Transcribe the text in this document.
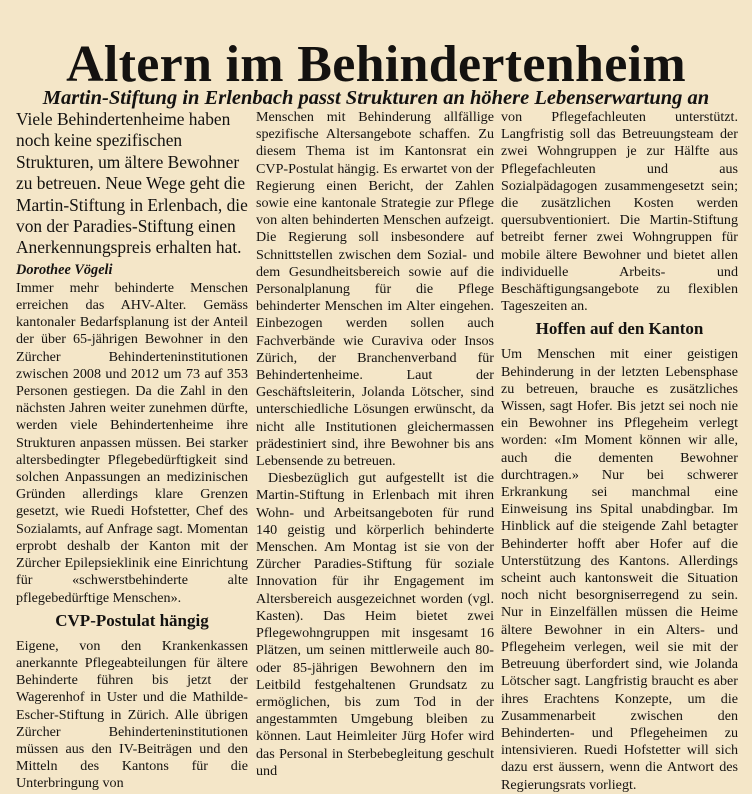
Altern im Behindertenheim
Martin-Stiftung in Erlenbach passt Strukturen an höhere Lebenserwartung an

Viele Behindertenheime haben noch keine spezifischen Strukturen, um ältere Bewohner zu betreuen. Neue Wege geht die Martin-Stiftung in Erlenbach, die von der Paradies-Stiftung einen Anerkennungspreis erhalten hat.

Dorothee Vögeli

Immer mehr behinderte Menschen erreichen das AHV-Alter. Gemäss kantonaler Bedarfsplanung ist der Anteil der über 65-jährigen Bewohner in den Zürcher Behinderteninstitutionen zwischen 2008 und 2012 um 73 auf 353 Personen gestiegen. Da die Zahl in den nächsten Jahren weiter zunehmen dürfte, werden viele Behindertenheime ihre Strukturen anpassen müssen. Bei starker altersbedingter Pflegebedürftigkeit sind solchen Anpassungen an medizinischen Gründen allerdings klare Grenzen gesetzt, wie Ruedi Hofstetter, Chef des Sozialamts, auf Anfrage sagt. Momentan erprobt deshalb der Kanton mit der Zürcher Epilepsieklinik eine Einrichtung für «schwerstbehinderte alte pflegebedürftige Menschen».

CVP-Postulat hängig

Eigene, von den Krankenkassen anerkannte Pflegeabteilungen für ältere Behinderte führen bis jetzt der Wagerenhof in Uster und die Mathilde-Escher-Stiftung in Zürich. Alle übrigen Zürcher Behinderteninstitutionen müssen aus den IV-Beiträgen und den Mitteln des Kantons für die Unterbringung von

Menschen mit Behinderung allfällige spezifische Altersangebote schaffen. Zu diesem Thema ist im Kantonsrat ein CVP-Postulat hängig. Es erwartet von der Regierung einen Bericht, der Zahlen sowie eine kantonale Strategie zur Pflege von alten behinderten Menschen aufzeigt. Die Regierung soll insbesondere auf Schnittstellen zwischen dem Sozial- und dem Gesundheitsbereich sowie auf die Personalplanung für die Pflege behinderter Menschen im Alter eingehen. Einbezogen werden sollen auch Fachverbände wie Curaviva oder Insos Zürich, der Branchenverband für Behindertenheime. Laut der Geschäftsleiterin, Jolanda Lötscher, sind unterschiedliche Lösungen erwünscht, da nicht alle Institutionen gleichermassen prädestiniert sind, ihre Bewohner bis ans Lebensende zu betreuen.

Diesbezüglich gut aufgestellt ist die Martin-Stiftung in Erlenbach mit ihren Wohn- und Arbeitsangeboten für rund 140 geistig und körperlich behinderte Menschen. Am Montag ist sie von der Zürcher Paradies-Stiftung für soziale Innovation für ihr Engagement im Altersbereich ausgezeichnet worden (vgl. Kasten). Das Heim bietet zwei Pflegewohngruppen mit insgesamt 16 Plätzen, um seinen mittlerweile auch 80- oder 85-jährigen Bewohnern den im Leitbild festgehaltenen Grundsatz zu ermöglichen, bis zum Tod in der angestammten Umgebung bleiben zu können. Laut Heimleiter Jürg Hofer wird das Personal in Sterbebegleitung geschult und

von Pflegefachleuten unterstützt. Langfristig soll das Betreuungsteam der zwei Wohngruppen je zur Hälfte aus Pflegefachleuten und aus Sozialpädagogen zusammengesetzt sein; die zusätzlichen Kosten werden quersubventioniert. Die Martin-Stiftung betreibt ferner zwei Wohngruppen für mobile ältere Bewohner und bietet allen individuelle Arbeits- und Beschäftigungsangebote zu flexiblen Tageszeiten an.

Hoffen auf den Kanton

Um Menschen mit einer geistigen Behinderung in der letzten Lebensphase zu betreuen, brauche es zusätzliches Wissen, sagt Hofer. Bis jetzt sei noch nie ein Bewohner ins Pflegeheim verlegt worden: «Im Moment können wir alle, auch die dementen Bewohner durchtragen.» Nur bei schwerer Erkrankung sei manchmal eine Einweisung ins Spital unabdingbar. Im Hinblick auf die steigende Zahl betagter Behinderter hofft aber Hofer auf die Unterstützung des Kantons. Allerdings scheint auch kantonsweit die Situation noch nicht besorgniserregend zu sein. Nur in Einzelfällen müssen die Heime ältere Bewohner in ein Alters- und Pflegeheim verlegen, weil sie mit der Betreuung überfordert sind, wie Jolanda Lötscher sagt. Langfristig braucht es aber ihres Erachtens Konzepte, um die Zusammenarbeit zwischen den Behinderten- und Pflegeheimen zu intensivieren. Ruedi Hofstetter will sich dazu erst äussern, wenn die Antwort des Regierungsrats vorliegt.
